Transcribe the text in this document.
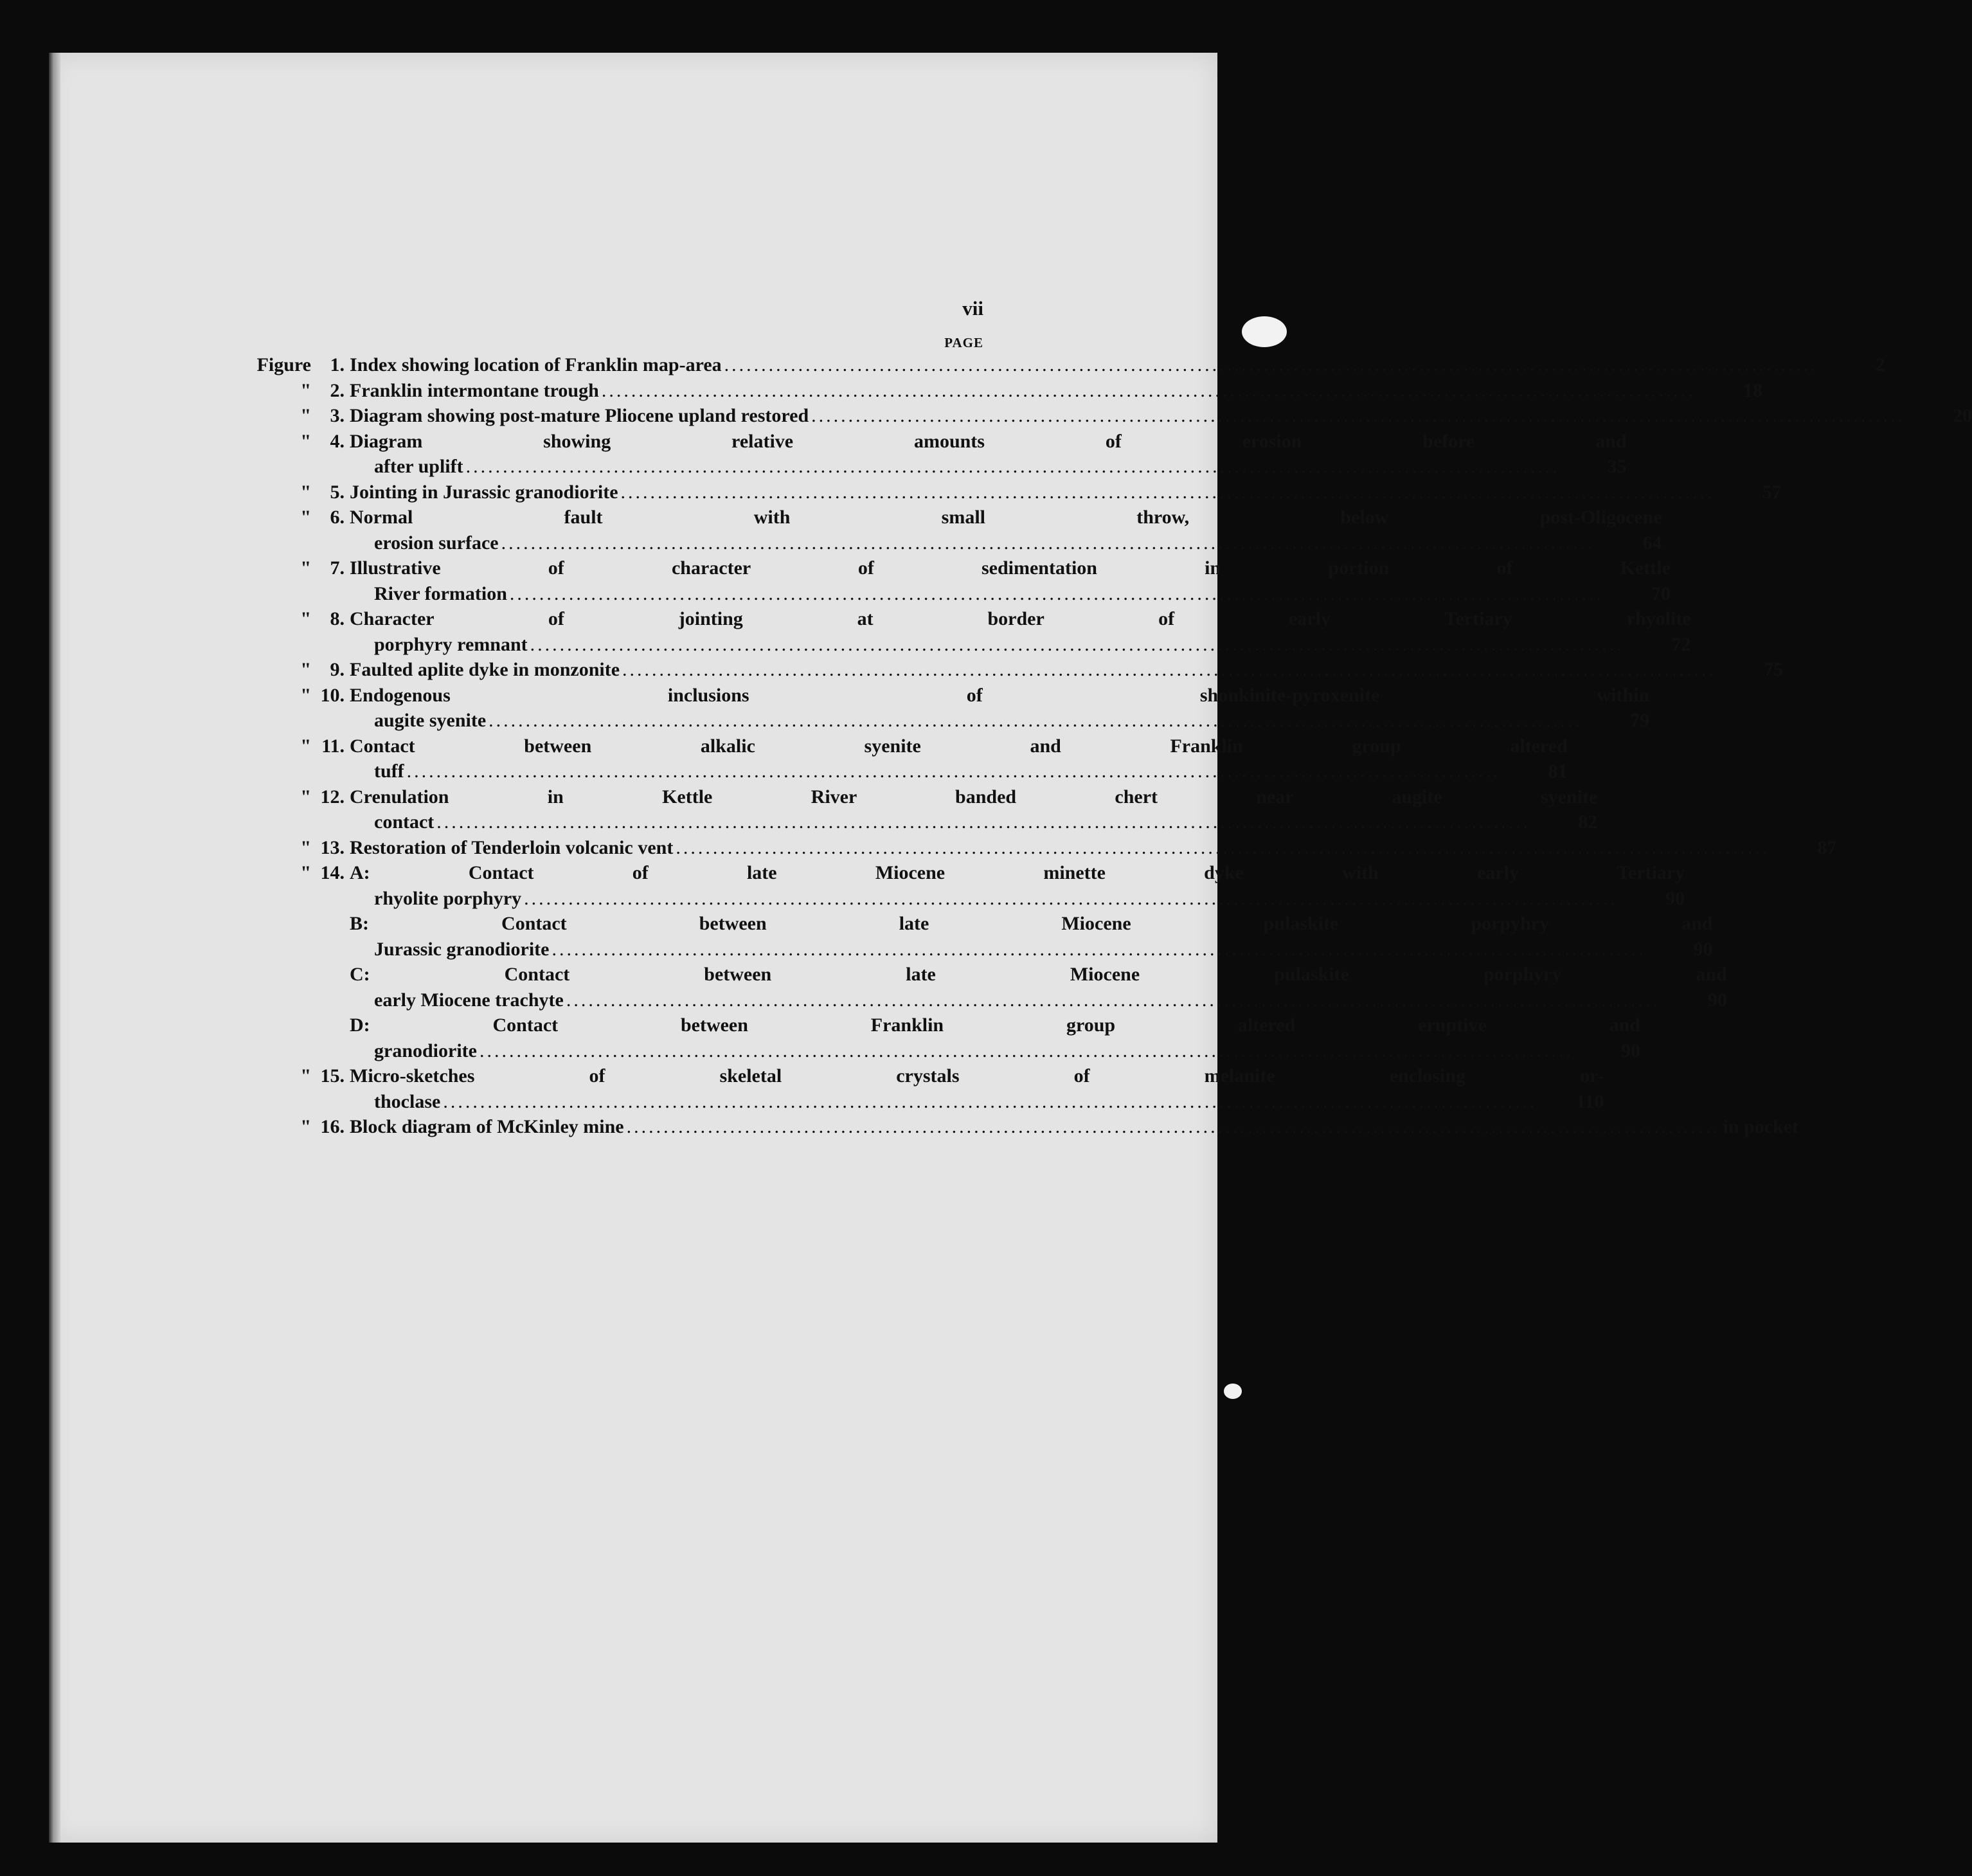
vii
PAGE
Figure 1. Index showing location of Franklin map-area .....	2
" 2. Franklin intermontane trough .....	18
" 3. Diagram showing post-mature Pliocene upland restored .....	20
" 4. Diagram showing relative amounts of erosion before and
after uplift .....	35
" 5. Jointing in Jurassic granodiorite .....	57
" 6. Normal fault with small throw, below post-Oligocene
erosion surface .....	64
" 7. Illustrative of character of sedimentation in portion of Kettle
River formation .....	70
" 8. Character of jointing at border of early Tertiary rhyolite
porphyry remnant .....	72
" 9. Faulted aplite dyke in monzonite .....	75
" 10. Endogenous inclusions of shonkinite-pyroxenite within
augite syenite .....	79
" 11. Contact between alkalic syenite and Franklin group altered
tuff .....	81
" 12. Crenulation in Kettle River banded chert near augite syenite
contact .....	82
" 13. Restoration of Tenderloin volcanic vent .....	87
" 14. A: Contact of late Miocene minette dyke with early Tertiary
rhyolite porphyry .....	90
B: Contact between late Miocene pulaskite porpyhry and
Jurassic granodiorite .....	90
C: Contact between late Miocene pulaskite porphyry and
early Miocene trachyte .....	90
D: Contact between Franklin group altered eruptive and
granodiorite .....	90
" 15. Micro-sketches of skeletal crystals of melanite enclosing or-
thoclase .....	110
" 16. Block diagram of McKinley mine .....	in pocket
